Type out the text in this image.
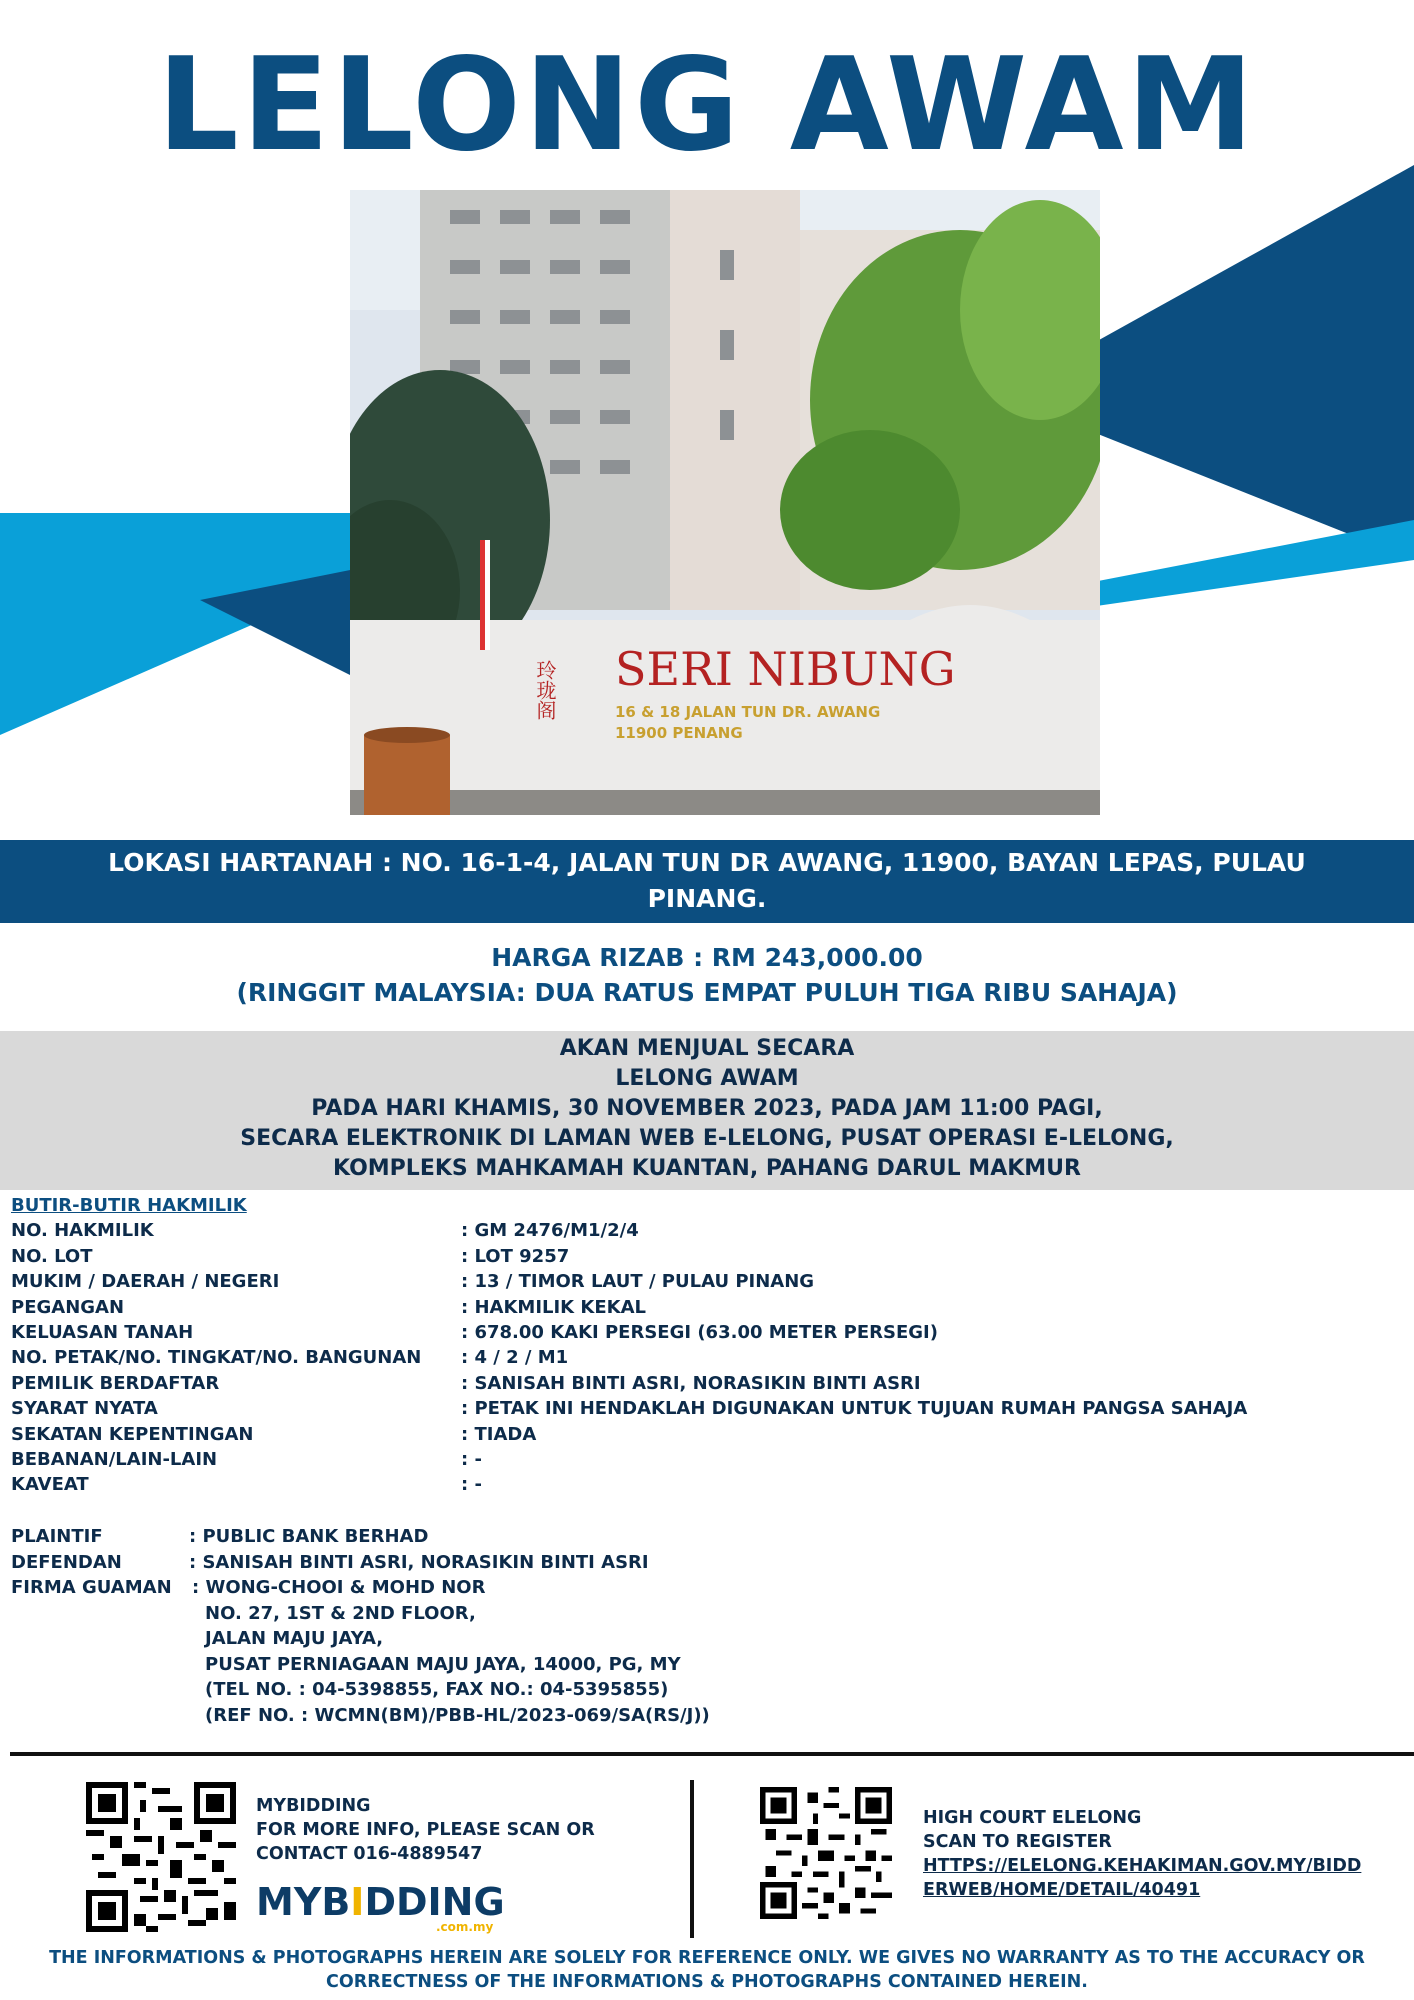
LELONG AWAM
SERI NIBUNG
16 & 18 JALAN TUN DR. AWANG
11900 PENANG
玲珑阁
LOKASI HARTANAH : NO. 16-1-4, JALAN TUN DR AWANG, 11900, BAYAN LEPAS, PULAU PINANG.
HARGA RIZAB : RM 243,000.00
(RINGGIT MALAYSIA: DUA RATUS EMPAT PULUH TIGA RIBU SAHAJA)
AKAN MENJUAL SECARA
LELONG AWAM
PADA HARI KHAMIS, 30 NOVEMBER 2023, PADA JAM 11:00 PAGI,
SECARA ELEKTRONIK DI LAMAN WEB E-LELONG, PUSAT OPERASI E-LELONG,
KOMPLEKS MAHKAMAH KUANTAN, PAHANG DARUL MAKMUR
BUTIR-BUTIR HAKMILIK
NO. HAKMILIK	: GM 2476/M1/2/4
NO. LOT	: LOT 9257
MUKIM / DAERAH / NEGERI	: 13 / TIMOR LAUT / PULAU PINANG
PEGANGAN	: HAKMILIK KEKAL
KELUASAN TANAH	: 678.00 KAKI PERSEGI (63.00 METER PERSEGI)
NO. PETAK/NO. TINGKAT/NO. BANGUNAN : 4 / 2 / M1
PEMILIK BERDAFTAR	: SANISAH BINTI ASRI, NORASIKIN BINTI ASRI
SYARAT NYATA	: PETAK INI HENDAKLAH DIGUNAKAN UNTUK TUJUAN RUMAH PANGSA SAHAJA
SEKATAN KEPENTINGAN	: TIADA
BEBANAN/LAIN-LAIN	: -
KAVEAT	: -
PLAINTIF	: PUBLIC BANK BERHAD
DEFENDAN	: SANISAH BINTI ASRI, NORASIKIN BINTI ASRI
FIRMA GUAMAN : WONG-CHOOI & MOHD NOR
NO. 27, 1ST & 2ND FLOOR,
JALAN MAJU JAYA,
PUSAT PERNIAGAAN MAJU JAYA, 14000, PG, MY
(TEL NO. : 04-5398855, FAX NO.: 04-5395855)
(REF NO. : WCMN(BM)/PBB-HL/2023-069/SA(RS/J))
MYBIDDING
FOR MORE INFO, PLEASE SCAN OR
CONTACT 016-4889547
MYBIDDING
.com.my
HIGH COURT ELELONG
SCAN TO REGISTER
HTTPS://ELELONG.KEHAKIMAN.GOV.MY/BIDD
ERWEB/HOME/DETAIL/40491
THE INFORMATIONS & PHOTOGRAPHS HEREIN ARE SOLELY FOR REFERENCE ONLY. WE GIVES NO WARRANTY AS TO THE ACCURACY OR
CORRECTNESS OF THE INFORMATIONS & PHOTOGRAPHS CONTAINED HEREIN.
